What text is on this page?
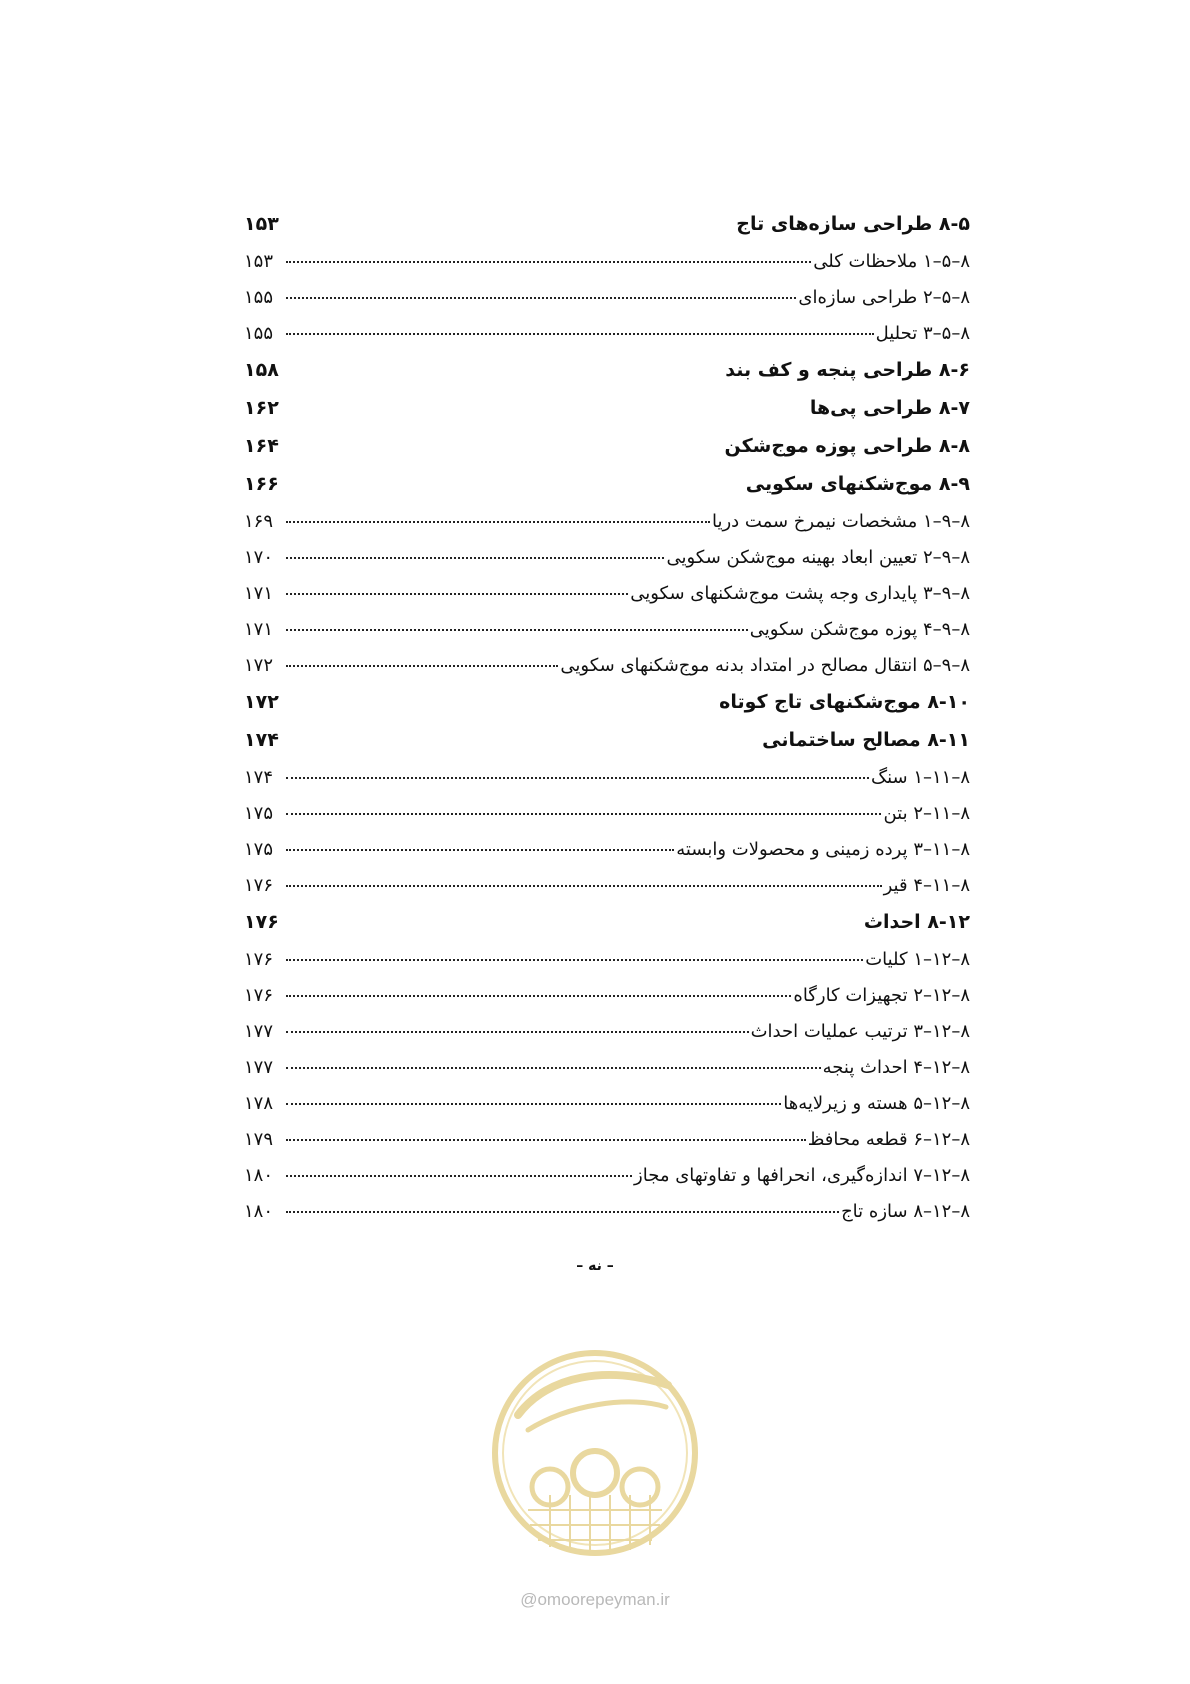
۸-۵ طراحی سازه‌های تاج
۱۵۳
۸–۵–۱ ملاحظات کلی
۱۵۳
۸–۵–۲ طراحی سازه‌ای
۱۵۵
۸–۵–۳ تحلیل
۱۵۵
۸-۶ طراحی پنجه و کف بند
۱۵۸
۸-۷ طراحی پی‌ها
۱۶۲
۸-۸ طراحی پوزه موج‌شکن
۱۶۴
۸-۹ موج‌شکنهای سکویی
۱۶۶
۸–۹–۱ مشخصات نیمرخ سمت دریا
۱۶۹
۸–۹–۲ تعیین ابعاد بهینه موج‌شکن سکویی
۱۷۰
۸–۹–۳ پایداری وجه پشت موج‌شکنهای سکویی
۱۷۱
۸–۹–۴ پوزه موج‌شکن سکویی
۱۷۱
۸–۹–۵ انتقال مصالح در امتداد بدنه موج‌شکنهای سکویی
۱۷۲
۸-۱۰ موج‌شکنهای تاج کوتاه
۱۷۲
۸-۱۱ مصالح ساختمانی
۱۷۴
۸–۱۱–۱ سنگ
۱۷۴
۸–۱۱–۲ بتن
۱۷۵
۸–۱۱–۳ پرده زمینی و محصولات وابسته
۱۷۵
۸–۱۱–۴ قیر
۱۷۶
۸-۱۲ احداث
۱۷۶
۸–۱۲–۱ کلیات
۱۷۶
۸–۱۲–۲ تجهیزات کارگاه
۱۷۶
۸–۱۲–۳ ترتیب عملیات احداث
۱۷۷
۸–۱۲–۴ احداث پنجه
۱۷۷
۸–۱۲–۵ هسته و زیرلایه‌ها
۱۷۸
۸–۱۲–۶ قطعه محافظ
۱۷۹
۸–۱۲–۷ اندازه‌گیری، انحرافها و تفاوتهای مجاز
۱۸۰
۸–۱۲–۸ سازه تاج
۱۸۰
– نه –
@omoorepeyman.ir
